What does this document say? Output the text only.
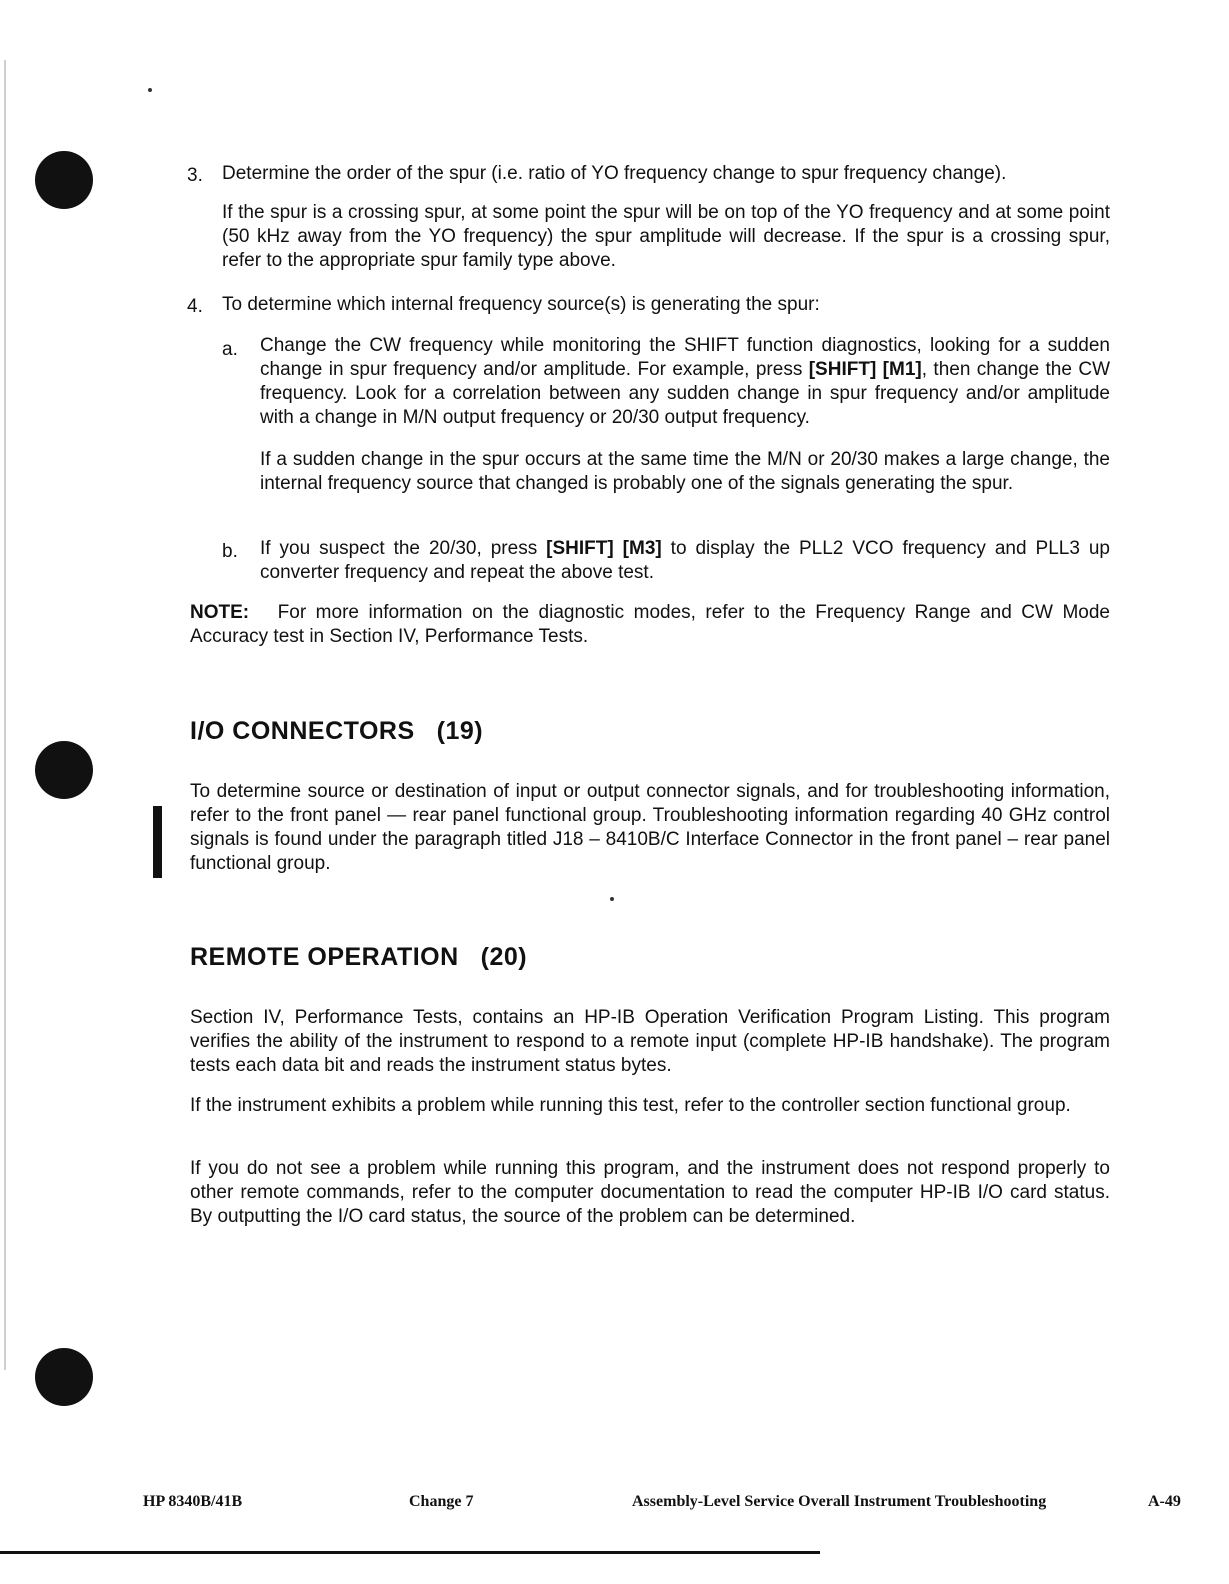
3. Determine the order of the spur (i.e. ratio of YO frequency change to spur frequency change).

If the spur is a crossing spur, at some point the spur will be on top of the YO frequency and at some point (50 kHz away from the YO frequency) the spur amplitude will decrease. If the spur is a crossing spur, refer to the appropriate spur family type above.

4. To determine which internal frequency source(s) is generating the spur:

a. Change the CW frequency while monitoring the SHIFT function diagnostics, looking for a sudden change in spur frequency and/or amplitude. For example, press [SHIFT] [M1], then change the CW frequency. Look for a correlation between any sudden change in spur frequency and/or amplitude with a change in M/N output frequency or 20/30 output frequency.

If a sudden change in the spur occurs at the same time the M/N or 20/30 makes a large change, the internal frequency source that changed is probably one of the signals generating the spur.

b. If you suspect the 20/30, press [SHIFT] [M3] to display the PLL2 VCO frequency and PLL3 up converter frequency and repeat the above test.

NOTE: For more information on the diagnostic modes, refer to the Frequency Range and CW Mode Accuracy test in Section IV, Performance Tests.

I/O CONNECTORS (19)

To determine source or destination of input or output connector signals, and for troubleshooting information, refer to the front panel — rear panel functional group. Troubleshooting information regarding 40 GHz control signals is found under the paragraph titled J18 – 8410B/C Interface Connector in the front panel – rear panel functional group.

REMOTE OPERATION (20)

Section IV, Performance Tests, contains an HP-IB Operation Verification Program Listing. This program verifies the ability of the instrument to respond to a remote input (complete HP-IB handshake). The program tests each data bit and reads the instrument status bytes.

If the instrument exhibits a problem while running this test, refer to the controller section functional group.

If you do not see a problem while running this program, and the instrument does not respond properly to other remote commands, refer to the computer documentation to read the computer HP-IB I/O card status. By outputting the I/O card status, the source of the problem can be determined.

HP 8340B/41B	Change 7	Assembly-Level Service Overall Instrument Troubleshooting	A-49
